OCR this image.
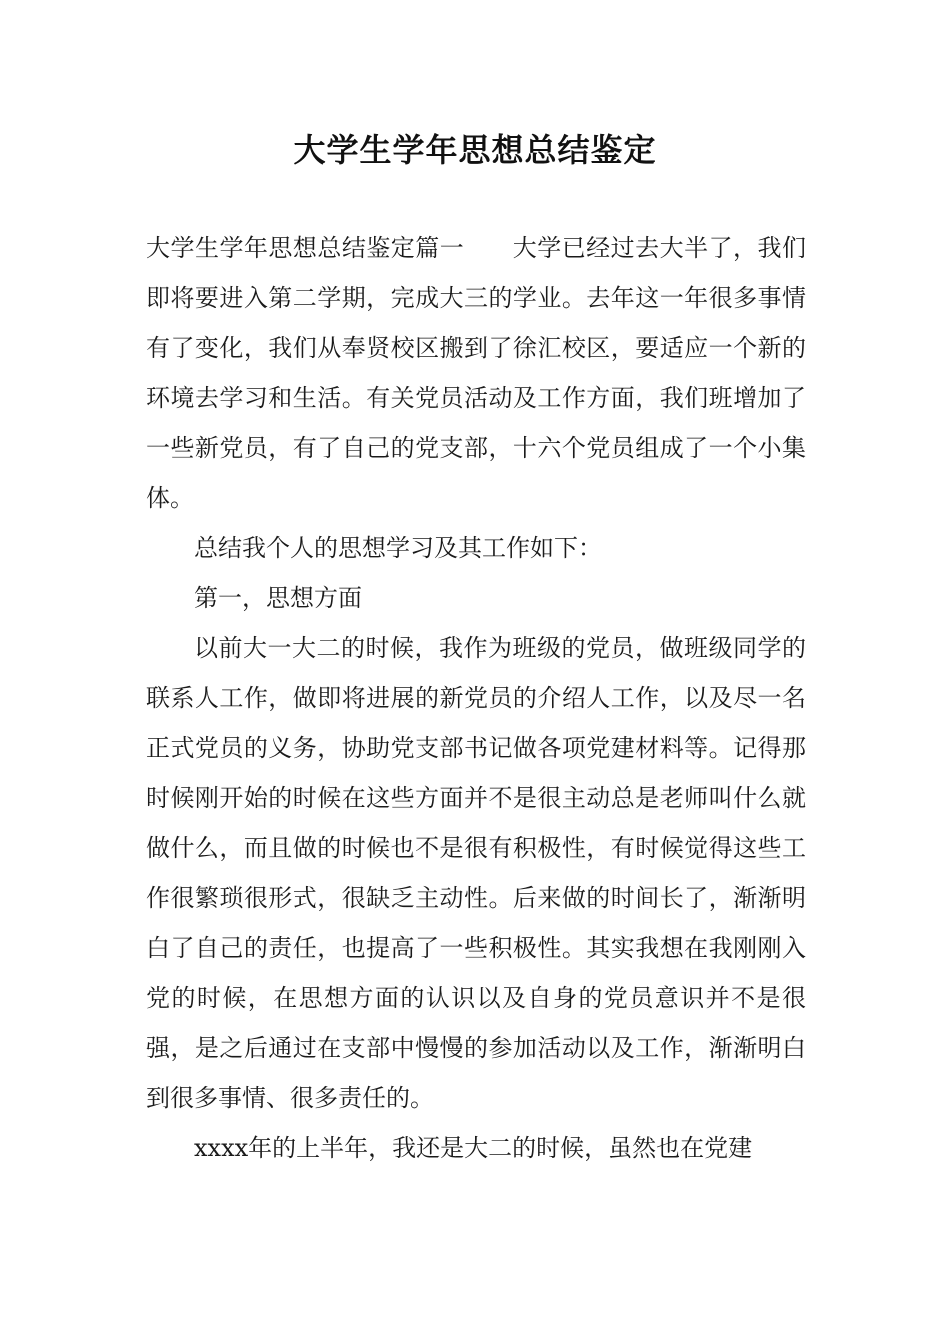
大学生学年思想总结鉴定

大学生学年思想总结鉴定篇一 大学已经过去大半了，我们即将要进入第二学期，完成大三的学业。去年这一年很多事情有了变化，我们从奉贤校区搬到了徐汇校区，要适应一个新的环境去学习和生活。有关党员活动及工作方面，我们班增加了一些新党员，有了自己的党支部，十六个党员组成了一个小集体。

总结我个人的思想学习及其工作如下：

第一，思想方面

以前大一大二的时候，我作为班级的党员，做班级同学的联系人工作，做即将进展的新党员的介绍人工作，以及尽一名正式党员的义务，协助党支部书记做各项党建材料等。记得那时候刚开始的时候在这些方面并不是很主动总是老师叫什么就做什么，而且做的时候也不是很有积极性，有时候觉得这些工作很繁琐很形式，很缺乏主动性。后来做的时间长了，渐渐明白了自己的责任，也提高了一些积极性。其实我想在我刚刚入党的时候，在思想方面的认识以及自身的党员意识并不是很强，是之后通过在支部中慢慢的参加活动以及工作，渐渐明白到很多事情、很多责任的。

xxxx年的上半年，我还是大二的时候，虽然也在党建
